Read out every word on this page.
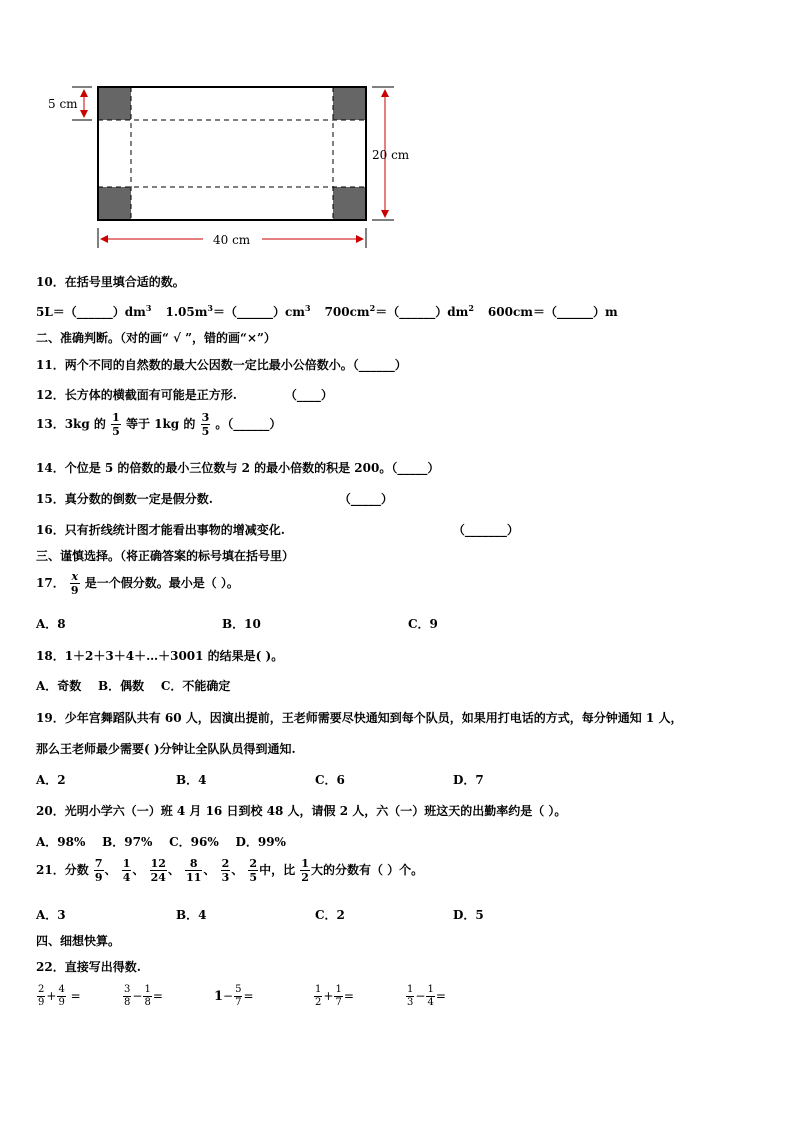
5 cm
20 cm
40 cm
10．在括号里填合适的数。
$5L=(\_\_\_\_\_\_)dm^3$ $1.05m^3=(\_\_\_\_\_\_)cm^3$ $700cm^2=(\_\_\_\_\_\_)dm^2$ 600cm＝（______）m
二、准确判断。（对的画“ √ ”，错的画“×”）
11．两个不同的自然数的最大公因数一定比最小公倍数小。（______）
12．长方体的横截面有可能是正方形.	（____）
13．3kg 的 $\frac{1}{5}$ 等于 1kg 的 $\frac{3}{5}$ 。（______）
14．个位是 5 的倍数的最小三位数与 2 的最小倍数的积是 200。（_____）
15．真分数的倒数一定是假分数.	（_____）
16．只有折线统计图才能看出事物的增减变化.	（_______）
三、谨慎选择。（将正确答案的标号填在括号里）
17． $\frac{x}{9}$ 是一个假分数。最小是（ ）。
A．8	B．10	C．9
18．1＋2＋3＋4＋…＋3001 的结果是( )。
A．奇数    B．偶数    C．不能确定
19．少年宫舞蹈队共有 60 人，因演出提前，王老师需要尽快通知到每个队员，如果用打电话的方式，每分钟通知 1 人，
那么王老师最少需要( )分钟让全队队员得到通知.
A．2	B．4	C．6	D．7
20．光明小学六（一）班 4 月 16 日到校 48 人，请假 2 人，六（一）班这天的出勤率约是（ ）。
A．98%    B．97%    C．96%    D．99%
21．分数 $\frac{7}{9}$ 、 $\frac{1}{4}$ 、 $\frac{12}{24}$ 、 $\frac{8}{11}$ 、 $\frac{2}{3}$ 、 $\frac{2}{5}$ 中，比 $\frac{1}{2}$ 大的分数有（ ）个。
A．3	B．4	C．2	D．5
四、细想快算。
22．直接写出得数.
$\frac{2}{9} + \frac{4}{9}$ =	$\frac{3}{8} - \frac{1}{8}$ =	$1- \frac{5}{7}$ =	$\frac{1}{2} + \frac{1}{7}$ =	$\frac{1}{3} - \frac{1}{4}$ =
